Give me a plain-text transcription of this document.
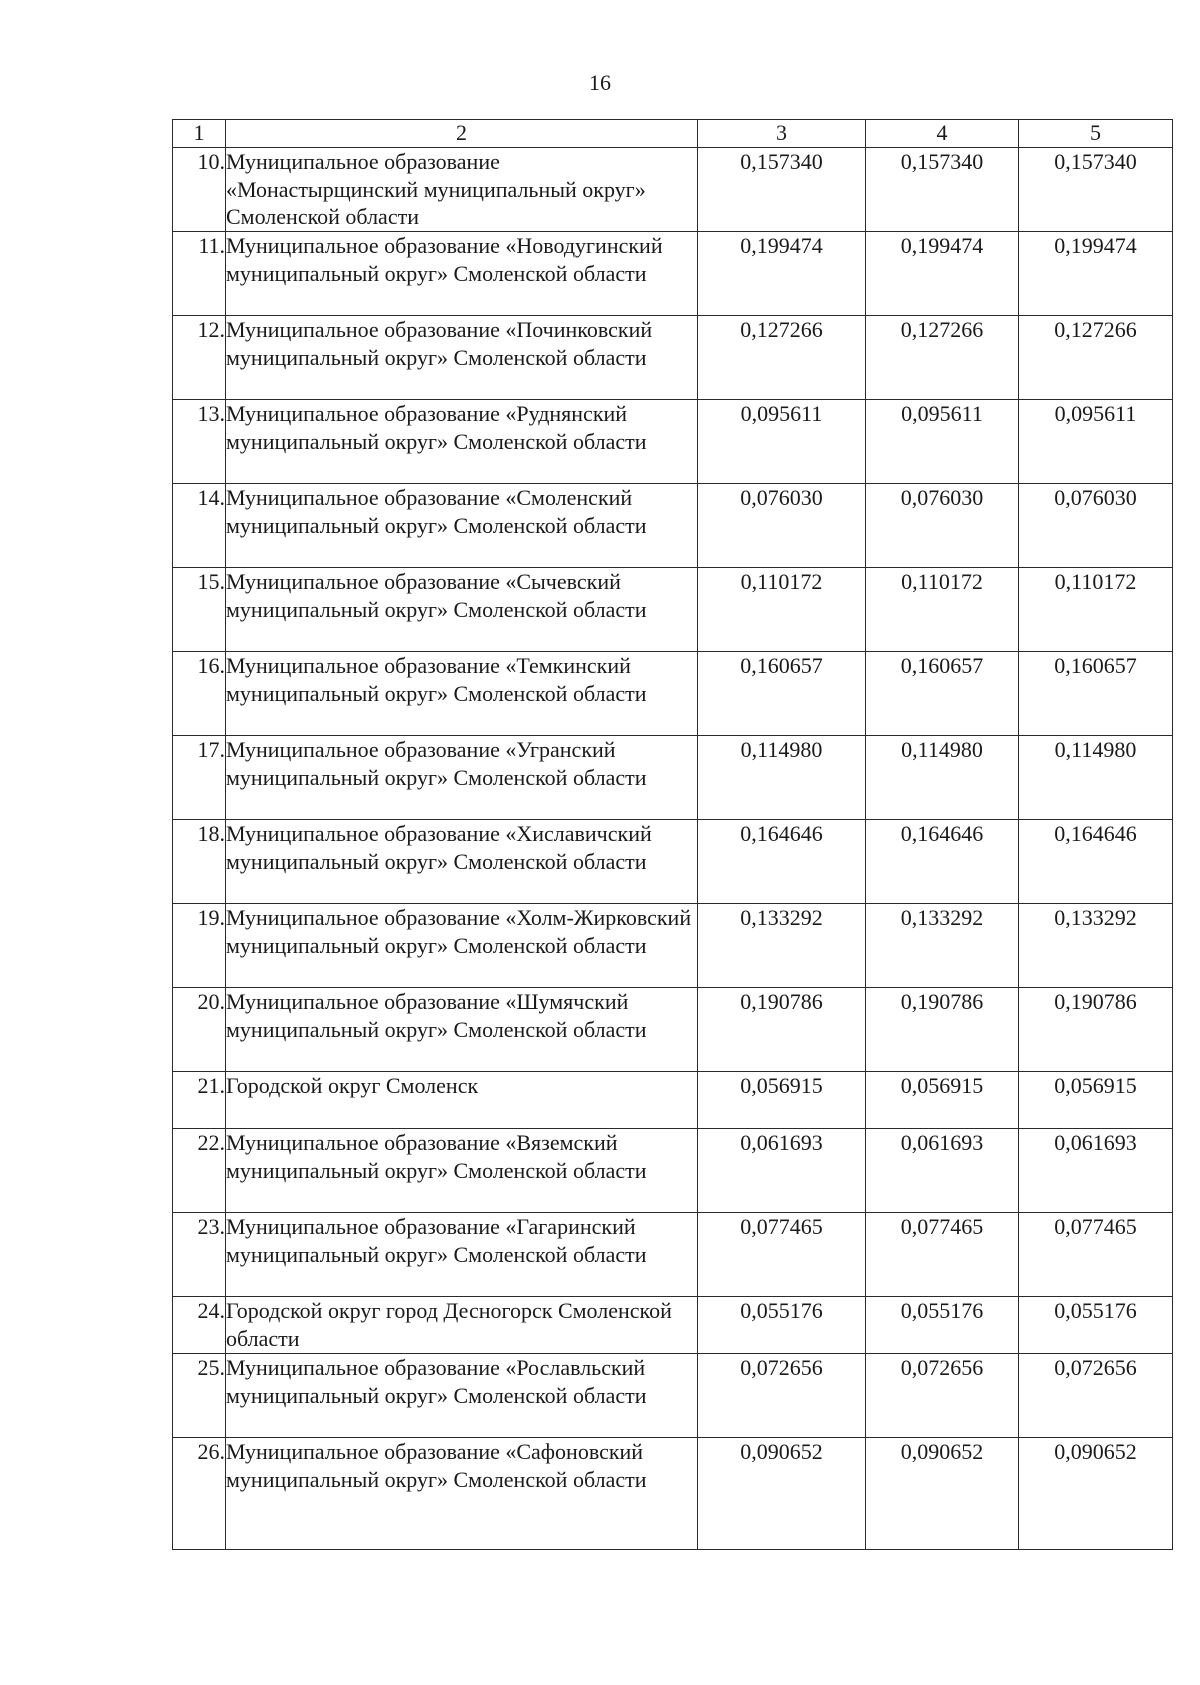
16
1	2	3	4	5
10.	Муниципальное образование «Монастырщинский муниципальный округ» Смоленской области	0,157340	0,157340	0,157340
11.	Муниципальное образование «Новодугинский муниципальный округ» Смоленской области	0,199474	0,199474	0,199474
12.	Муниципальное образование «Починковский муниципальный округ» Смоленской области	0,127266	0,127266	0,127266
13.	Муниципальное образование «Руднянский муниципальный округ» Смоленской области	0,095611	0,095611	0,095611
14.	Муниципальное образование «Смоленский муниципальный округ» Смоленской области	0,076030	0,076030	0,076030
15.	Муниципальное образование «Сычевский муниципальный округ» Смоленской области	0,110172	0,110172	0,110172
16.	Муниципальное образование «Темкинский муниципальный округ» Смоленской области	0,160657	0,160657	0,160657
17.	Муниципальное образование «Угранский муниципальный округ» Смоленской области	0,114980	0,114980	0,114980
18.	Муниципальное образование «Хиславичский муниципальный округ» Смоленской области	0,164646	0,164646	0,164646
19.	Муниципальное образование «Холм-Жирковский муниципальный округ» Смоленской области	0,133292	0,133292	0,133292
20.	Муниципальное образование «Шумячский муниципальный округ» Смоленской области	0,190786	0,190786	0,190786
21.	Городской округ Смоленск	0,056915	0,056915	0,056915
22.	Муниципальное образование «Вяземский муниципальный округ» Смоленской области	0,061693	0,061693	0,061693
23.	Муниципальное образование «Гагаринский муниципальный округ» Смоленской области	0,077465	0,077465	0,077465
24.	Городской округ город Десногорск Смоленской области	0,055176	0,055176	0,055176
25.	Муниципальное образование «Рославльский муниципальный округ» Смоленской области	0,072656	0,072656	0,072656
26.	Муниципальное образование «Сафоновский муниципальный округ» Смоленской области	0,090652	0,090652	0,090652
